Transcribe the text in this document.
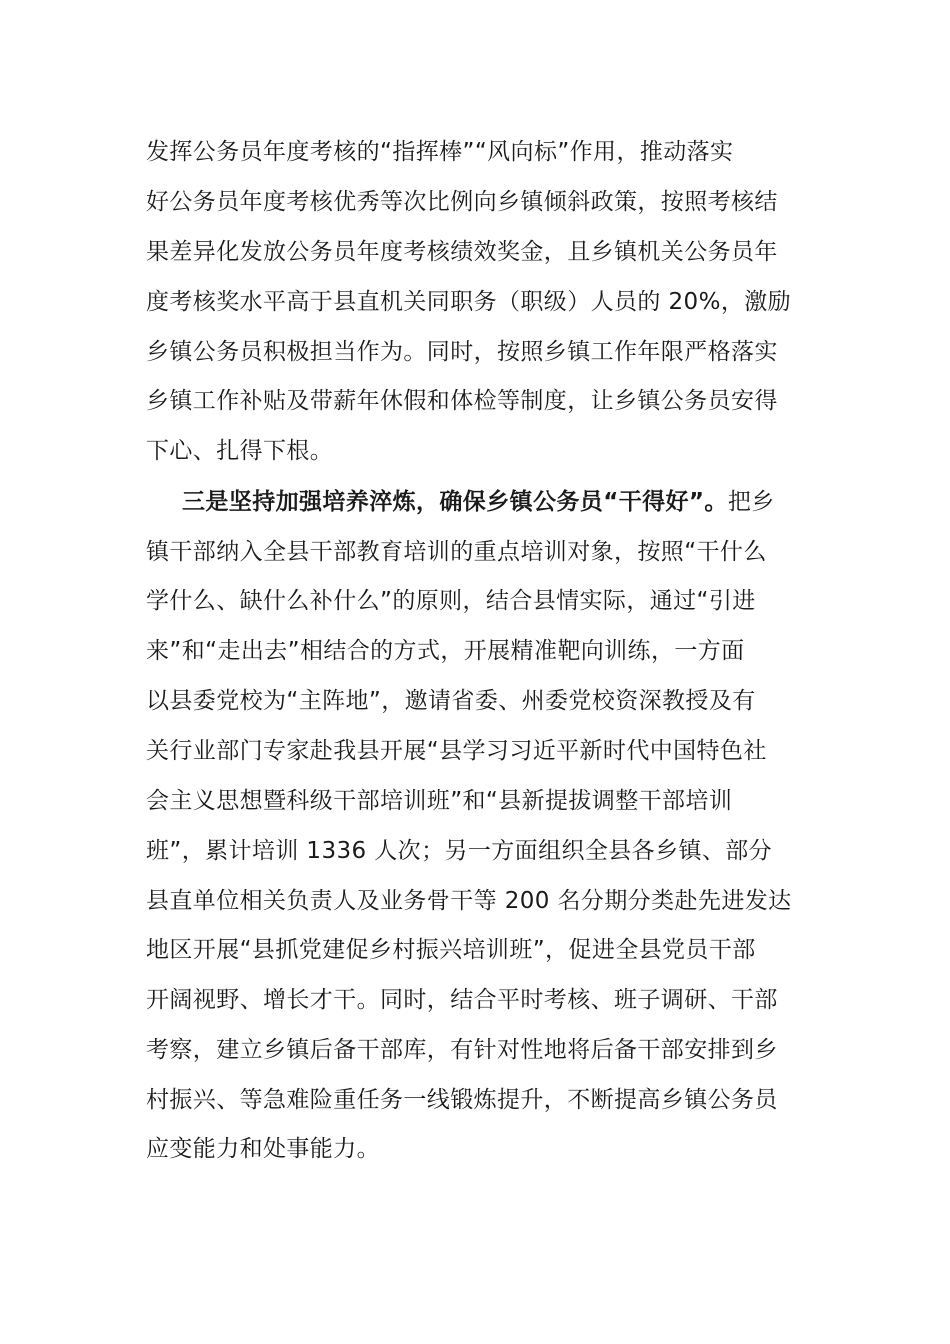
发挥公务员年度考核的“指挥棒”“风向标”作用，推动落实
好公务员年度考核优秀等次比例向乡镇倾斜政策，按照考核结
果差异化发放公务员年度考核绩效奖金，且乡镇机关公务员年
度考核奖水平高于县直机关同职务（职级）人员的 20%，激励
乡镇公务员积极担当作为。同时，按照乡镇工作年限严格落实
乡镇工作补贴及带薪年休假和体检等制度，让乡镇公务员安得
下心、扎得下根。
三是坚持加强培养淬炼，确保乡镇公务员“干得好”。把乡
镇干部纳入全县干部教育培训的重点培训对象，按照“干什么
学什么、缺什么补什么”的原则，结合县情实际，通过“引进
来”和“走出去”相结合的方式，开展精准靶向训练，一方面
以县委党校为“主阵地”，邀请省委、州委党校资深教授及有
关行业部门专家赴我县开展“县学习习近平新时代中国特色社
会主义思想暨科级干部培训班”和“县新提拔调整干部培训
班”，累计培训 1336 人次；另一方面组织全县各乡镇、部分
县直单位相关负责人及业务骨干等 200 名分期分类赴先进发达
地区开展“县抓党建促乡村振兴培训班”，促进全县党员干部
开阔视野、增长才干。同时，结合平时考核、班子调研、干部
考察，建立乡镇后备干部库，有针对性地将后备干部安排到乡
村振兴、等急难险重任务一线锻炼提升，不断提高乡镇公务员
应变能力和处事能力。
